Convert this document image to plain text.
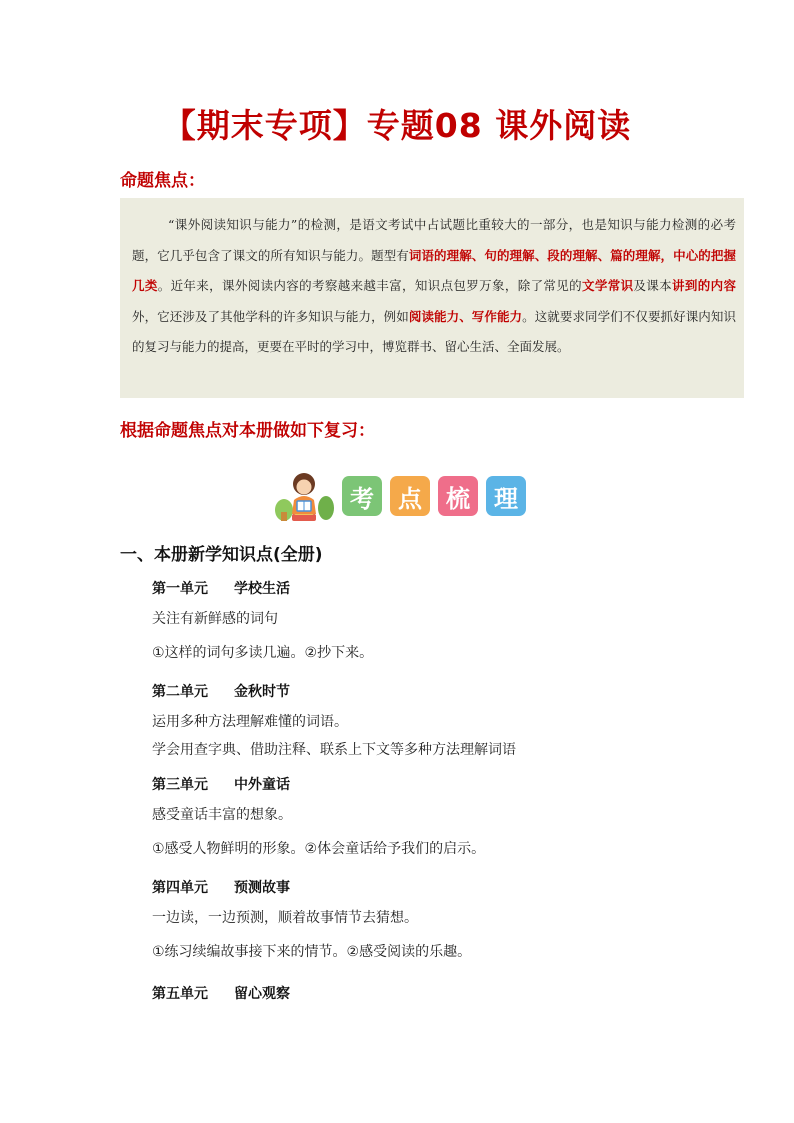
【期末专项】专题08 课外阅读
命题焦点：
“课外阅读知识与能力”的检测，是语文考试中占试题比重较大的一部分，也是知识与能力检测的必考题，它几乎包含了课文的所有知识与能力。题型有词语的理解、句的理解、段的理解、篇的理解，中心的把握几类。近年来，课外阅读内容的考察越来越丰富，知识点包罗万象，除了常见的文学常识及课本讲到的内容外，它还涉及了其他学科的许多知识与能力，例如阅读能力、写作能力。这就要求同学们不仅要抓好课内知识的复习与能力的提高，更要在平时的学习中，博览群书、留心生活、全面发展。
根据命题焦点对本册做如下复习：
考	点	梳	理
一、本册新学知识点(全册)
第一单元 学校生活
关注有新鲜感的词句
①这样的词句多读几遍。②抄下来。
第二单元 金秋时节
运用多种方法理解难懂的词语。
学会用查字典、借助注释、联系上下文等多种方法理解词语
第三单元 中外童话
感受童话丰富的想象。
①感受人物鲜明的形象。②体会童话给予我们的启示。
第四单元 预测故事
一边读，一边预测，顺着故事情节去猜想。
①练习续编故事接下来的情节。②感受阅读的乐趣。
第五单元 留心观察
